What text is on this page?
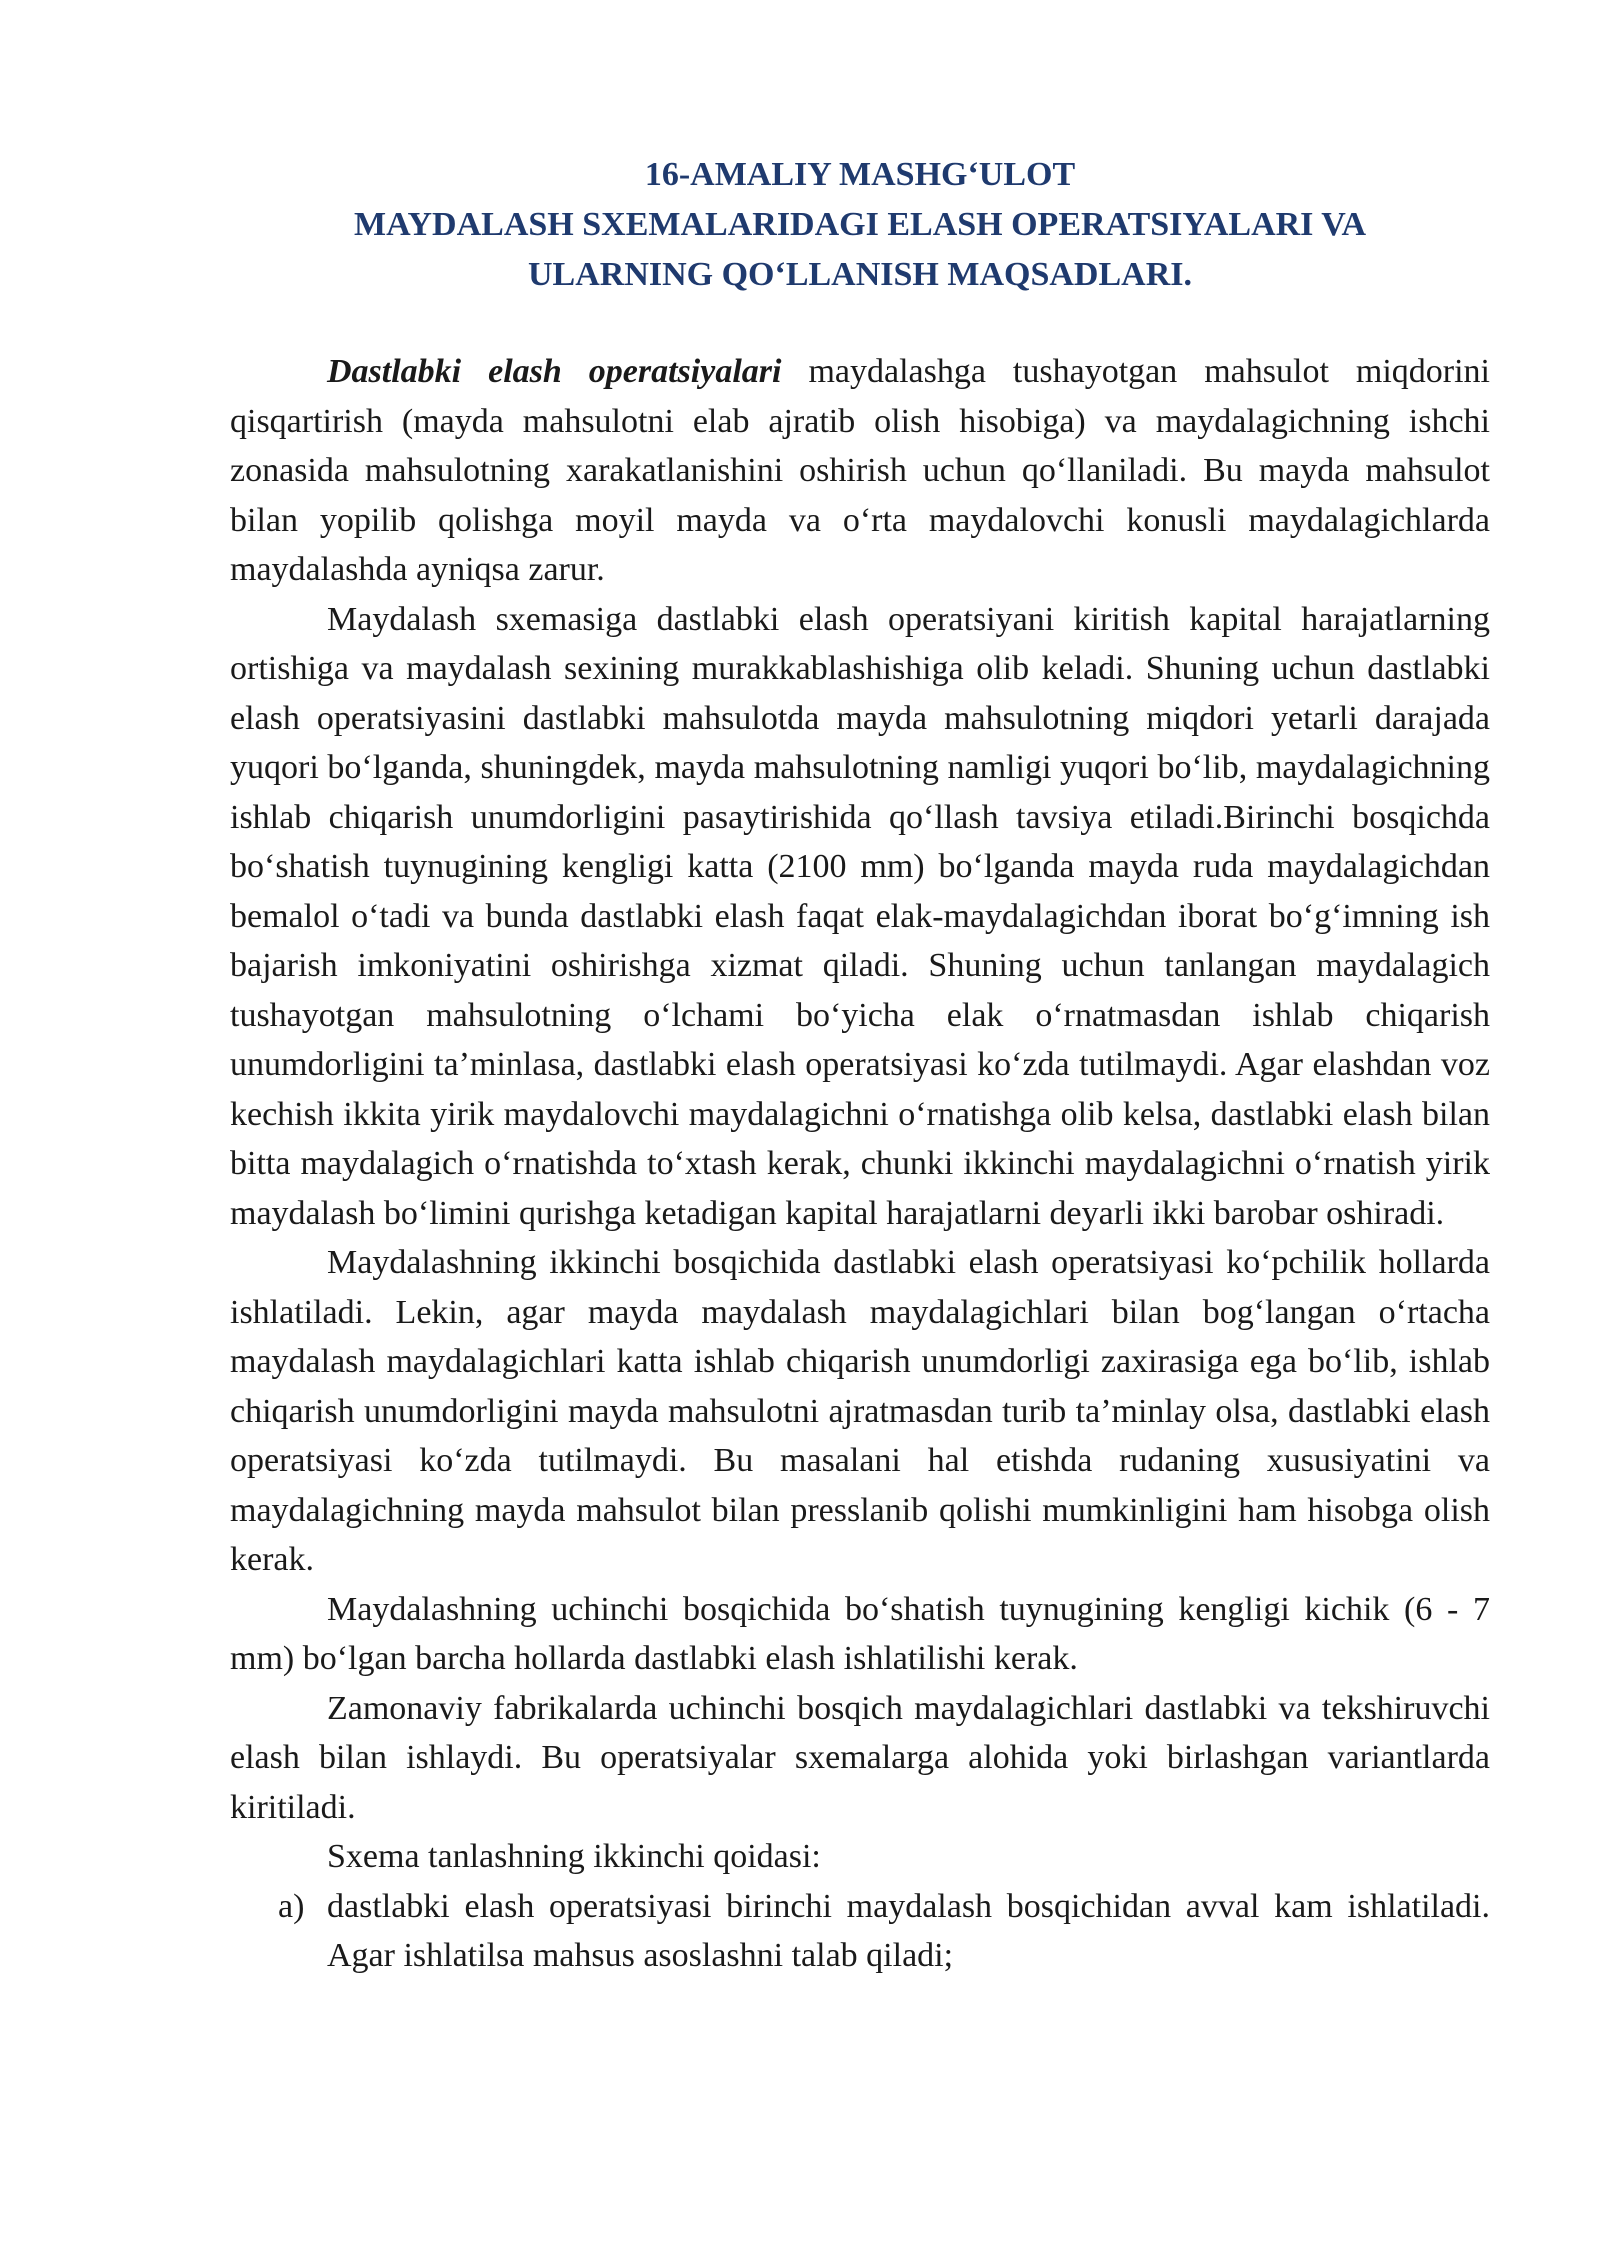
16-AMALIY MASHG‘ULOT
MAYDALASH SXEMALARIDAGI ELASH OPERATSIYALARI VA
ULARNING QO‘LLANISH MAQSADLARI.

Dastlabki elash operatsiyalari maydalashga tushayotgan mahsulot miqdorini qisqartirish (mayda mahsulotni elab ajratib olish hisobiga) va maydalagichning ishchi zonasida mahsulotning xarakatlanishini oshirish uchun qo‘llaniladi. Bu mayda mahsulot bilan yopilib qolishga moyil mayda va o‘rta maydalovchi konusli maydalagichlarda maydalashda ayniqsa zarur.

Maydalash sxemasiga dastlabki elash operatsiyani kiritish kapital harajatlarning ortishiga va maydalash sexining murakkablashishiga olib keladi. Shuning uchun dastlabki elash operatsiyasini dastlabki mahsulotda mayda mahsulotning miqdori yetarli darajada yuqori bo‘lganda, shuningdek, mayda mahsulotning namligi yuqori bo‘lib, maydalagichning ishlab chiqarish unumdorligini pasaytirishida qo‘llash tavsiya etiladi.Birinchi bosqichda bo‘shatish tuynugining kengligi katta (2100 mm) bo‘lganda mayda ruda maydalagichdan bemalol o‘tadi va bunda dastlabki elash faqat elak-maydalagichdan iborat bo‘g‘imning ish bajarish imkoniyatini oshirishga xizmat qiladi. Shuning uchun tanlangan maydalagich tushayotgan mahsulotning o‘lchami bo‘yicha elak o‘rnatmasdan ishlab chiqarish unumdorligini ta’minlasa, dastlabki elash operatsiyasi ko‘zda tutilmaydi. Agar elashdan voz kechish ikkita yirik maydalovchi maydalagichni o‘rnatishga olib kelsa, dastlabki elash bilan bitta maydalagich o‘rnatishda to‘xtash kerak, chunki ikkinchi maydalagichni o‘rnatish yirik maydalash bo‘limini qurishga ketadigan kapital harajatlarni deyarli ikki barobar oshiradi.

Maydalashning ikkinchi bosqichida dastlabki elash operatsiyasi ko‘pchilik hollarda ishlatiladi. Lekin, agar mayda maydalash maydalagichlari bilan bog‘langan o‘rtacha maydalash maydalagichlari katta ishlab chiqarish unumdorligi zaxirasiga ega bo‘lib, ishlab chiqarish unumdorligini mayda mahsulotni ajratmasdan turib ta’minlay olsa, dastlabki elash operatsiyasi ko‘zda tutilmaydi. Bu masalani hal etishda rudaning xususiyatini va maydalagichning mayda mahsulot bilan presslanib qolishi mumkinligini ham hisobga olish kerak.

Maydalashning uchinchi bosqichida bo‘shatish tuynugining kengligi kichik (6 - 7 mm) bo‘lgan barcha hollarda dastlabki elash ishlatilishi kerak.

Zamonaviy fabrikalarda uchinchi bosqich maydalagichlari dastlabki va tekshiruvchi elash bilan ishlaydi. Bu operatsiyalar sxemalarga alohida yoki birlashgan variantlarda kiritiladi.

Sxema tanlashning ikkinchi qoidasi:

a) dastlabki elash operatsiyasi birinchi maydalash bosqichidan avval kam ishlatiladi. Agar ishlatilsa mahsus asoslashni talab qiladi;
